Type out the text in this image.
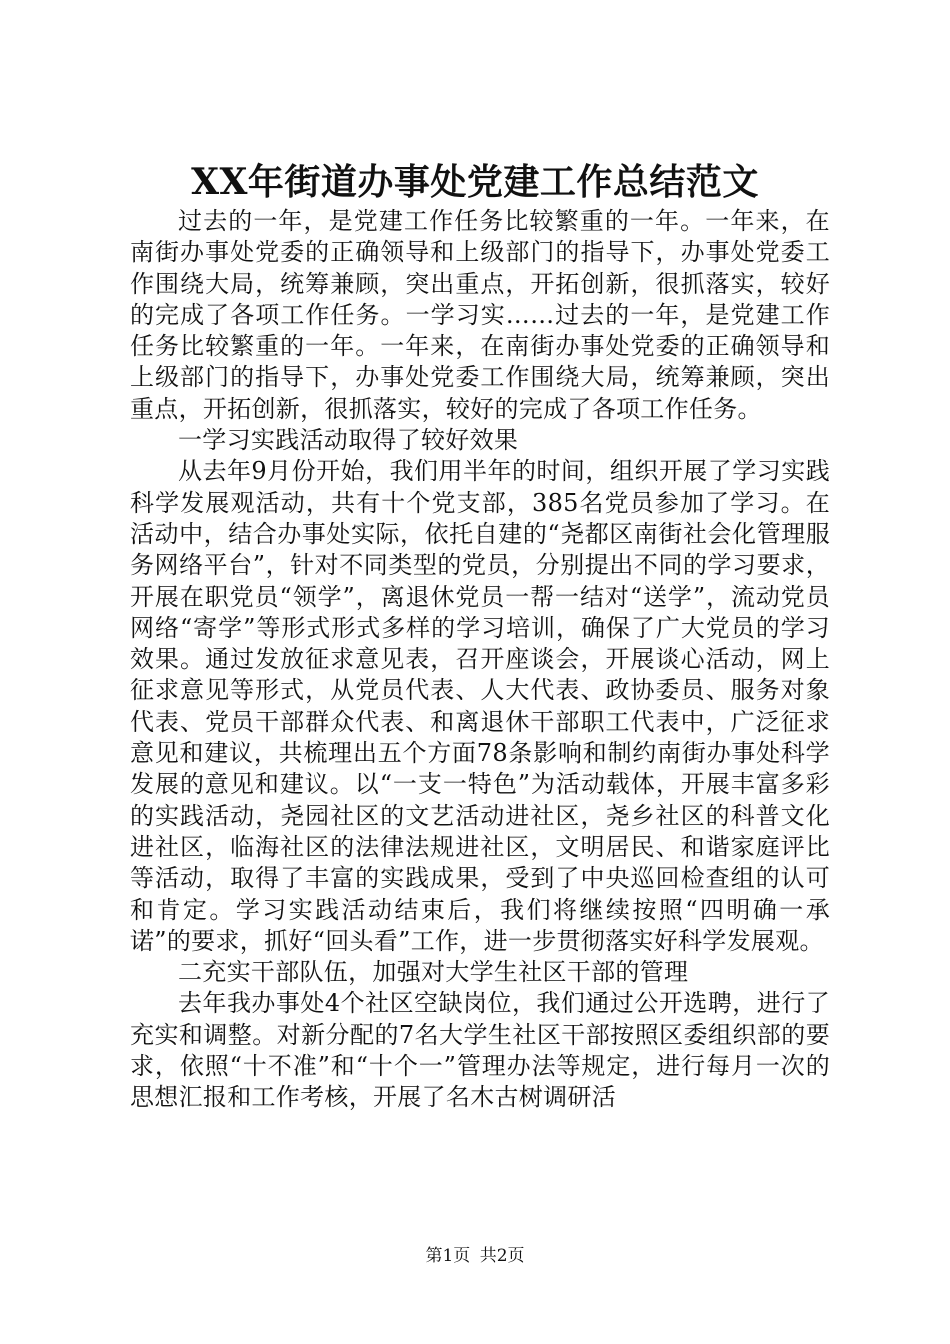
XX年街道办事处党建工作总结范文

过去的一年，是党建工作任务比较繁重的一年。一年来，在南街办事处党委的正确领导和上级部门的指导下，办事处党委工作围绕大局，统筹兼顾，突出重点，开拓创新，很抓落实，较好的完成了各项工作任务。一学习实……过去的一年，是党建工作任务比较繁重的一年。一年来，在南街办事处党委的正确领导和上级部门的指导下，办事处党委工作围绕大局，统筹兼顾，突出重点，开拓创新，很抓落实，较好的完成了各项工作任务。

一学习实践活动取得了较好效果

从去年9月份开始，我们用半年的时间，组织开展了学习实践科学发展观活动，共有十个党支部，385名党员参加了学习。在活动中，结合办事处实际，依托自建的“尧都区南街社会化管理服务网络平台”，针对不同类型的党员，分别提出不同的学习要求，开展在职党员“领学”，离退休党员一帮一结对“送学”，流动党员网络“寄学”等形式形式多样的学习培训，确保了广大党员的学习效果。通过发放征求意见表，召开座谈会，开展谈心活动，网上征求意见等形式，从党员代表、人大代表、政协委员、服务对象代表、党员干部群众代表、和离退休干部职工代表中，广泛征求意见和建议，共梳理出五个方面78条影响和制约南街办事处科学发展的意见和建议。以“一支一特色”为活动载体，开展丰富多彩的实践活动，尧园社区的文艺活动进社区，尧乡社区的科普文化进社区，临海社区的法律法规进社区，文明居民、和谐家庭评比等活动，取得了丰富的实践成果，受到了中央巡回检查组的认可和肯定。学习实践活动结束后，我们将继续按照“四明确一承诺”的要求，抓好“回头看”工作，进一步贯彻落实好科学发展观。

二充实干部队伍，加强对大学生社区干部的管理

去年我办事处4个社区空缺岗位，我们通过公开选聘，进行了充实和调整。对新分配的7名大学生社区干部按照区委组织部的要求，依照“十不准”和“十个一”管理办法等规定，进行每月一次的思想汇报和工作考核，开展了名木古树调研活

第1页 共2页
